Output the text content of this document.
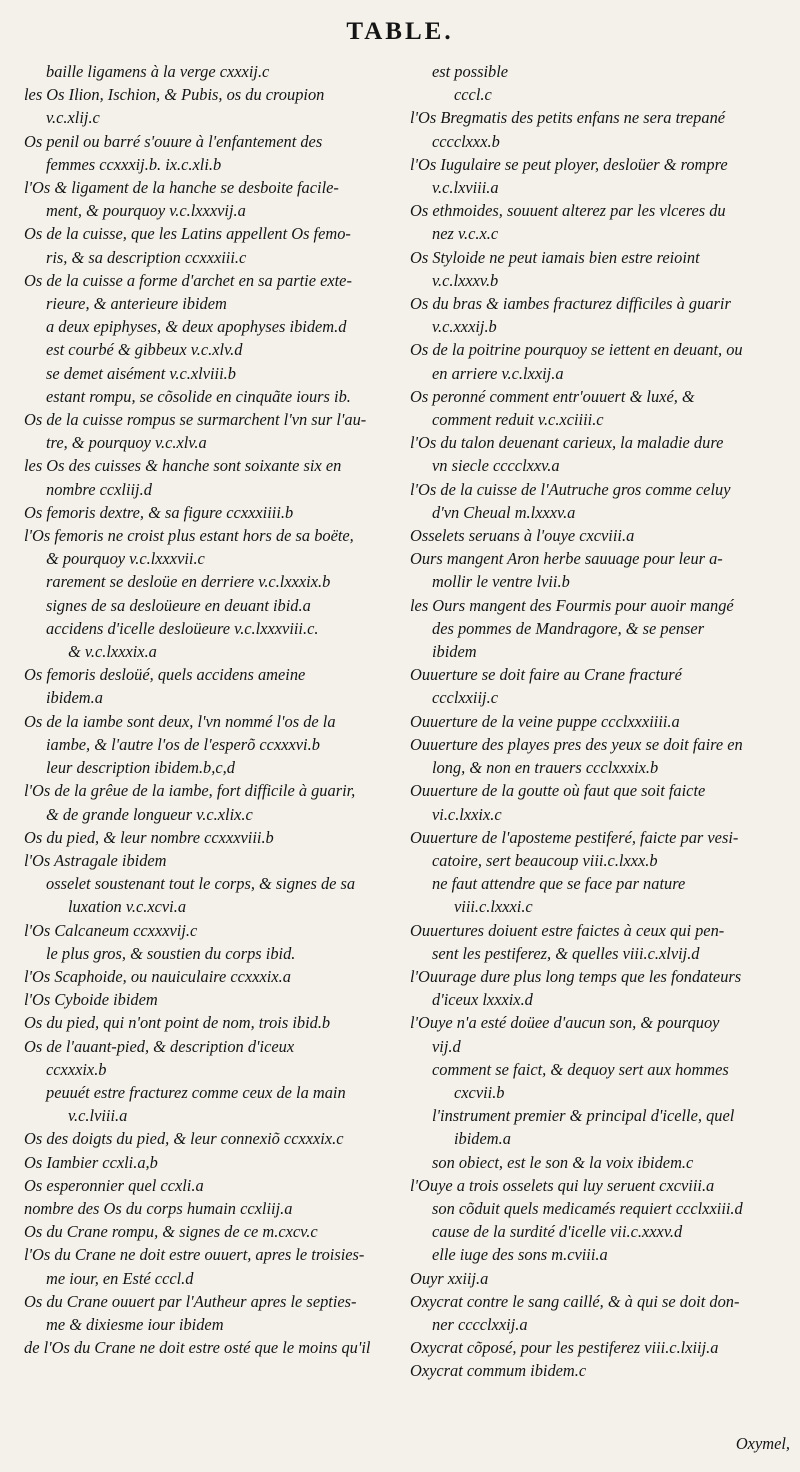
TABLE.
baille ligamens à la verge cxxxij.c
les Os Ilion, Ischion, & Pubis, os du croupion
v.c.xlij.c
Os penil ou barré s'ouure à l'enfantement des
femmes ccxxxij.b. ix.c.xli.b
l'Os & ligament de la hanche se desboite facile-
ment, & pourquoy v.c.lxxxvij.a
Os de la cuisse, que les Latins appellent Os femo-
ris, & sa description ccxxxiii.c
Os de la cuisse a forme d'archet en sa partie exte-
rieure, & anterieure ibidem
a deux epiphyses, & deux apophyses ibidem.d
est courbé & gibbeux v.c.xlv.d
se demet aisément v.c.xlviii.b
estant rompu, se cõsolide en cinquãte iours ib.
Os de la cuisse rompus se surmarchent l'vn sur l'au-
tre, & pourquoy v.c.xlv.a
les Os des cuisses & hanche sont soixante six en
nombre ccxliij.d
Os femoris dextre, & sa figure ccxxxiiii.b
l'Os femoris ne croist plus estant hors de sa boëte,
& pourquoy v.c.lxxxvii.c
rarement se desloüe en derriere v.c.lxxxix.b
signes de sa desloüeure en deuant ibid.a
accidens d'icelle desloüeure v.c.lxxxviii.c.
& v.c.lxxxix.a
Os femoris desloüé, quels accidens ameine
ibidem.a
Os de la iambe sont deux, l'vn nommé l'os de la
iambe, & l'autre l'os de l'esperõ ccxxxvi.b
leur description ibidem.b,c,d
l'Os de la grêue de la iambe, fort difficile à guarir,
& de grande longueur v.c.xlix.c
Os du pied, & leur nombre ccxxxviii.b
l'Os Astragale ibidem
osselet soustenant tout le corps, & signes de sa
luxation v.c.xcvi.a
l'Os Calcaneum ccxxxvij.c
le plus gros, & soustien du corps ibid.
l'Os Scaphoide, ou nauiculaire ccxxxix.a
l'Os Cyboide ibidem
Os du pied, qui n'ont point de nom, trois ibid.b
Os de l'auant-pied, & description d'iceux
ccxxxix.b
peuuét estre fracturez comme ceux de la main
v.c.lviii.a
Os des doigts du pied, & leur connexiõ ccxxxix.c
Os Iambier ccxli.a,b
Os esperonnier quel ccxli.a
nombre des Os du corps humain ccxliij.a
Os du Crane rompu, & signes de ce m.cxcv.c
l'Os du Crane ne doit estre ouuert, apres le troisies-
me iour, en Esté cccl.d
Os du Crane ouuert par l'Autheur apres le septies-
me & dixiesme iour ibidem
de l'Os du Crane ne doit estre osté que le moins qu'il
est possible
cccl.c
l'Os Bregmatis des petits enfans ne sera trepané
cccclxxx.b
l'Os Iugulaire se peut ployer, desloüer & rompre
v.c.lxviii.a
Os ethmoides, souuent alterez par les vlceres du
nez v.c.x.c
Os Styloide ne peut iamais bien estre reioint
v.c.lxxxv.b
Os du bras & iambes fracturez difficiles à guarir
v.c.xxxij.b
Os de la poitrine pourquoy se iettent en deuant, ou
en arriere v.c.lxxij.a
Os peronné comment entr'ouuert & luxé, &
comment reduit v.c.xciiii.c
l'Os du talon deuenant carieux, la maladie dure
vn siecle cccclxxv.a
l'Os de la cuisse de l'Autruche gros comme celuy
d'vn Cheual m.lxxxv.a
Osselets seruans à l'ouye cxcviii.a
Ours mangent Aron herbe sauuage pour leur a-
mollir le ventre lvii.b
les Ours mangent des Fourmis pour auoir mangé
des pommes de Mandragore, & se penser
ibidem
Ouuerture se doit faire au Crane fracturé
ccclxxiij.c
Ouuerture de la veine puppe ccclxxxiiii.a
Ouuerture des playes pres des yeux se doit faire en
long, & non en trauers ccclxxxix.b
Ouuerture de la goutte où faut que soit faicte
vi.c.lxxix.c
Ouuerture de l'aposteme pestiferé, faicte par vesi-
catoire, sert beaucoup viii.c.lxxx.b
ne faut attendre que se face par nature
viii.c.lxxxi.c
Ouuertures doiuent estre faictes à ceux qui pen-
sent les pestiferez, & quelles viii.c.xlvij.d
l'Ouurage dure plus long temps que les fondateurs
d'iceux lxxxix.d
l'Ouye n'a esté doüee d'aucun son, & pourquoy
vij.d
comment se faict, & dequoy sert aux hommes
cxcvii.b
l'instrument premier & principal d'icelle, quel
ibidem.a
son obiect, est le son & la voix ibidem.c
l'Ouye a trois osselets qui luy seruent cxcviii.a
son cõduit quels medicamés requiert ccclxxiii.d
cause de la surdité d'icelle vii.c.xxxv.d
elle iuge des sons m.cviii.a
Ouyr xxiij.a
Oxycrat contre le sang caillé, & à qui se doit don-
ner cccclxxij.a
Oxycrat cõposé, pour les pestiferez viii.c.lxiij.a
Oxycrat commum ibidem.c
Oxymel,
